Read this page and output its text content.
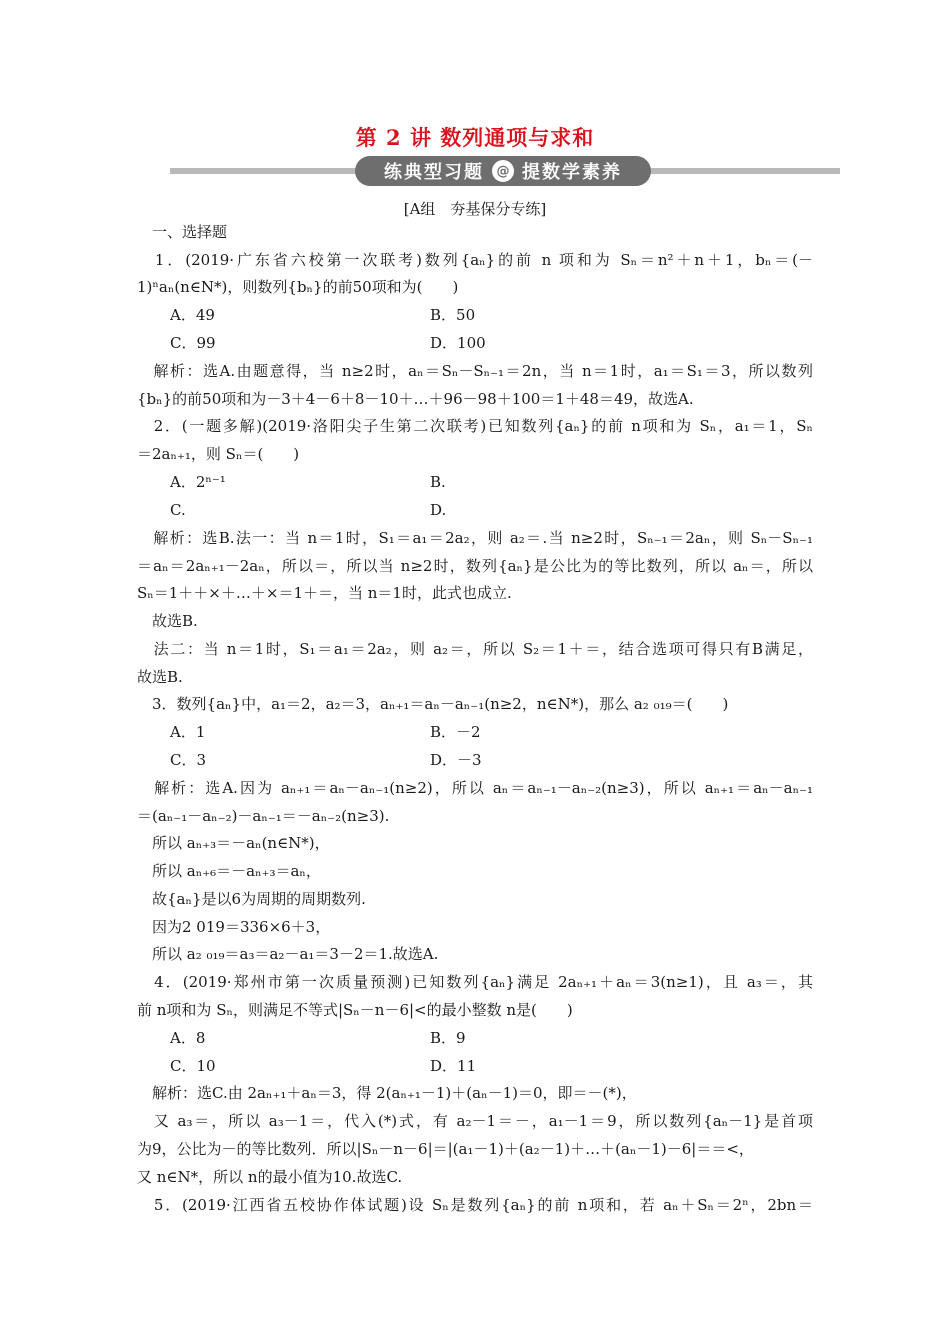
第 2 讲 数列通项与求和
练典型习题 @ 提数学素养
[A组　夯基保分专练]
一、选择题
　1．(2019·广东省六校第一次联考)数列{aₙ}的前 n 项和为 Sₙ＝n²＋n＋1，bₙ＝(－
1)ⁿaₙ(n∈N*)，则数列{bₙ}的前50项和为(　　)
A．49	B．50
C．99	D．100
　解析：选A.由题意得，当 n≥2时，aₙ＝Sₙ－Sₙ₋₁＝2n，当 n＝1时，a₁＝S₁＝3，所以数列
{bₙ}的前50项和为－3＋4－6＋8－10＋…＋96－98＋100＝1＋48＝49，故选A.
　2．(一题多解)(2019·洛阳尖子生第二次联考)已知数列{aₙ}的前 n项和为 Sₙ，a₁＝1，Sₙ
＝2aₙ₊₁，则 Sₙ＝(　　)
A．2ⁿ⁻¹	B.
C.	D.
　解析：选B.法一：当 n＝1时，S₁＝a₁＝2a₂，则 a₂＝.当 n≥2时，Sₙ₋₁＝2aₙ，则 Sₙ－Sₙ₋₁
＝aₙ＝2aₙ₊₁－2aₙ，所以＝，所以当 n≥2时，数列{aₙ}是公比为的等比数列，所以 aₙ＝，所以
Sₙ＝1＋＋×＋…＋×＝1＋＝，当 n＝1时，此式也成立.
故选B.
　法二：当 n＝1时，S₁＝a₁＝2a₂，则 a₂＝，所以 S₂＝1＋＝，结合选项可得只有B满足，
故选B.
3．数列{aₙ}中，a₁＝2，a₂＝3，aₙ₊₁＝aₙ－aₙ₋₁(n≥2，n∈N*)，那么 a₂ ₀₁₉＝(　　)
A．1	B．－2
C．3	D．－3
　解析：选A.因为 aₙ₊₁＝aₙ－aₙ₋₁(n≥2)，所以 aₙ＝aₙ₋₁－aₙ₋₂(n≥3)，所以 aₙ₊₁＝aₙ－aₙ₋₁
＝(aₙ₋₁－aₙ₋₂)－aₙ₋₁＝－aₙ₋₂(n≥3).
所以 aₙ₊₃＝－aₙ(n∈N*)，
所以 aₙ₊₆＝－aₙ₊₃＝aₙ，
故{aₙ}是以6为周期的周期数列.
因为2 019＝336×6＋3，
所以 a₂ ₀₁₉＝a₃＝a₂－a₁＝3－2＝1.故选A.
　4．(2019·郑州市第一次质量预测)已知数列{aₙ}满足 2aₙ₊₁＋aₙ＝3(n≥1)，且 a₃＝，其
前 n项和为 Sₙ，则满足不等式|Sₙ－n－6|<的最小整数 n是(　　)
A．8	B．9
C．10	D．11
解析：选C.由 2aₙ₊₁＋aₙ＝3，得 2(aₙ₊₁－1)＋(aₙ－1)＝0，即＝－(*)，
　又 a₃＝，所以 a₃－1＝，代入(*)式，有 a₂－1＝－，a₁－1＝9，所以数列{aₙ－1}是首项
为9，公比为－的等比数列．所以|Sₙ－n－6|＝|(a₁－1)＋(a₂－1)＋…＋(aₙ－1)－6|＝＝<，
又 n∈N*，所以 n的最小值为10.故选C.
　5．(2019·江西省五校协作体试题)设 Sₙ是数列{aₙ}的前 n项和，若 aₙ＋Sₙ＝2ⁿ，2bn＝
